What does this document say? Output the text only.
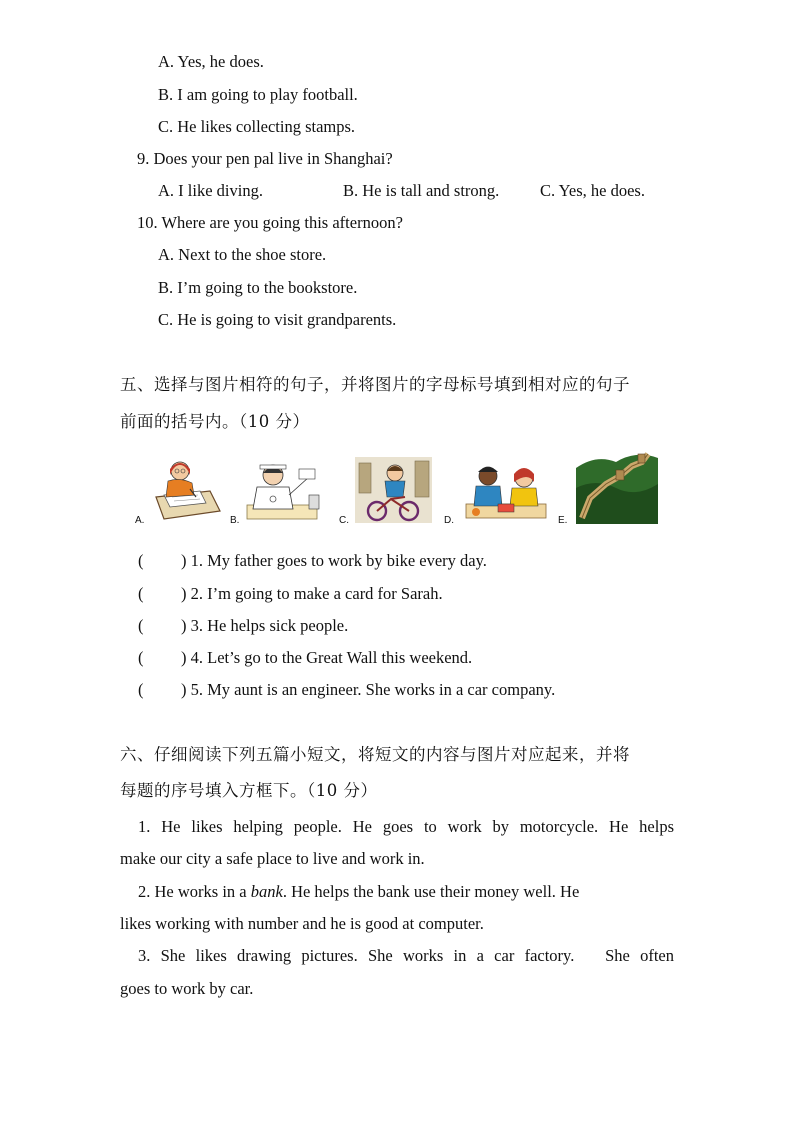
A. Yes, he does.
B. I am going to play football.
C. He likes collecting stamps.
9. Does your pen pal live in Shanghai?
A. I like diving.	B. He is tall and strong. C. Yes, he does.
10. Where are you going this afternoon?
A. Next to the shoe store.
B. I’m going to the bookstore.
C. He is going to visit grandparents.
五、选择与图片相符的句子，并将图片的字母标号填到相对应的句子
前面的括号内。（10 分）
A.	B.	C.	D.	E.
( ) 1. My father goes to work by bike every day.
( ) 2. I’m going to make a card for Sarah.
( ) 3. He helps sick people.
( ) 4. Let’s go to the Great Wall this weekend.
( ) 5. My aunt is an engineer. She works in a car company.
六、仔细阅读下列五篇小短文，将短文的内容与图片对应起来，并将
每题的序号填入方框下。（10 分）
1. He likes helping people. He goes to work by motorcycle. He helps
make our city a safe place to live and work in.
2. He works in a bank. He helps the bank use their money well. He
likes working with number and he is good at computer.
3. She likes drawing pictures. She works in a car factory.   She often
goes to work by car.
